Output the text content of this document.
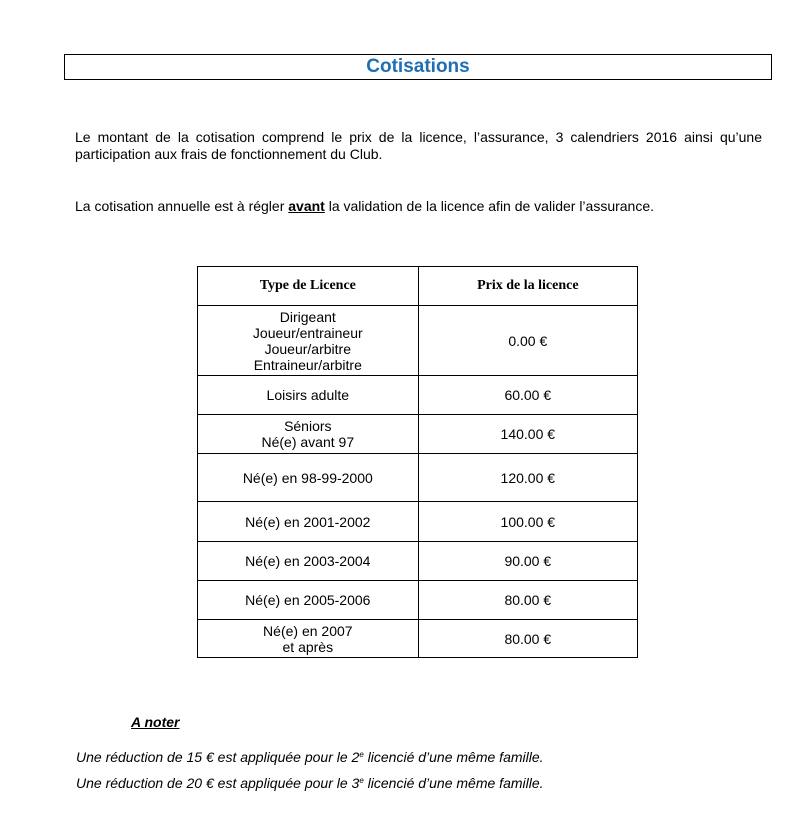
Cotisations

Le montant de la cotisation comprend le prix de la licence, l’assurance, 3 calendriers 2016 ainsi qu’une participation aux frais de fonctionnement du Club.

La cotisation annuelle est à régler avant la validation de la licence afin de valider l’assurance.

Type de Licence	Prix de la licence

Dirigeant
Joueur/entraineur
Joueur/arbitre
Entraineur/arbitre	0.00 €

Loisirs adulte	60.00 €

Séniors
Né(e) avant 97	140.00 €

Né(e) en 98-99-2000	120.00 €

Né(e) en 2001-2002	100.00 €

Né(e) en 2003-2004	90.00 €

Né(e) en 2005-2006	80.00 €

Né(e) en 2007
et après	80.00 €
A noter
Une réduction de 15 € est appliquée pour le 2e licencié d’une même famille.
Une réduction de 20 € est appliquée pour le 3e licencié d’une même famille.
